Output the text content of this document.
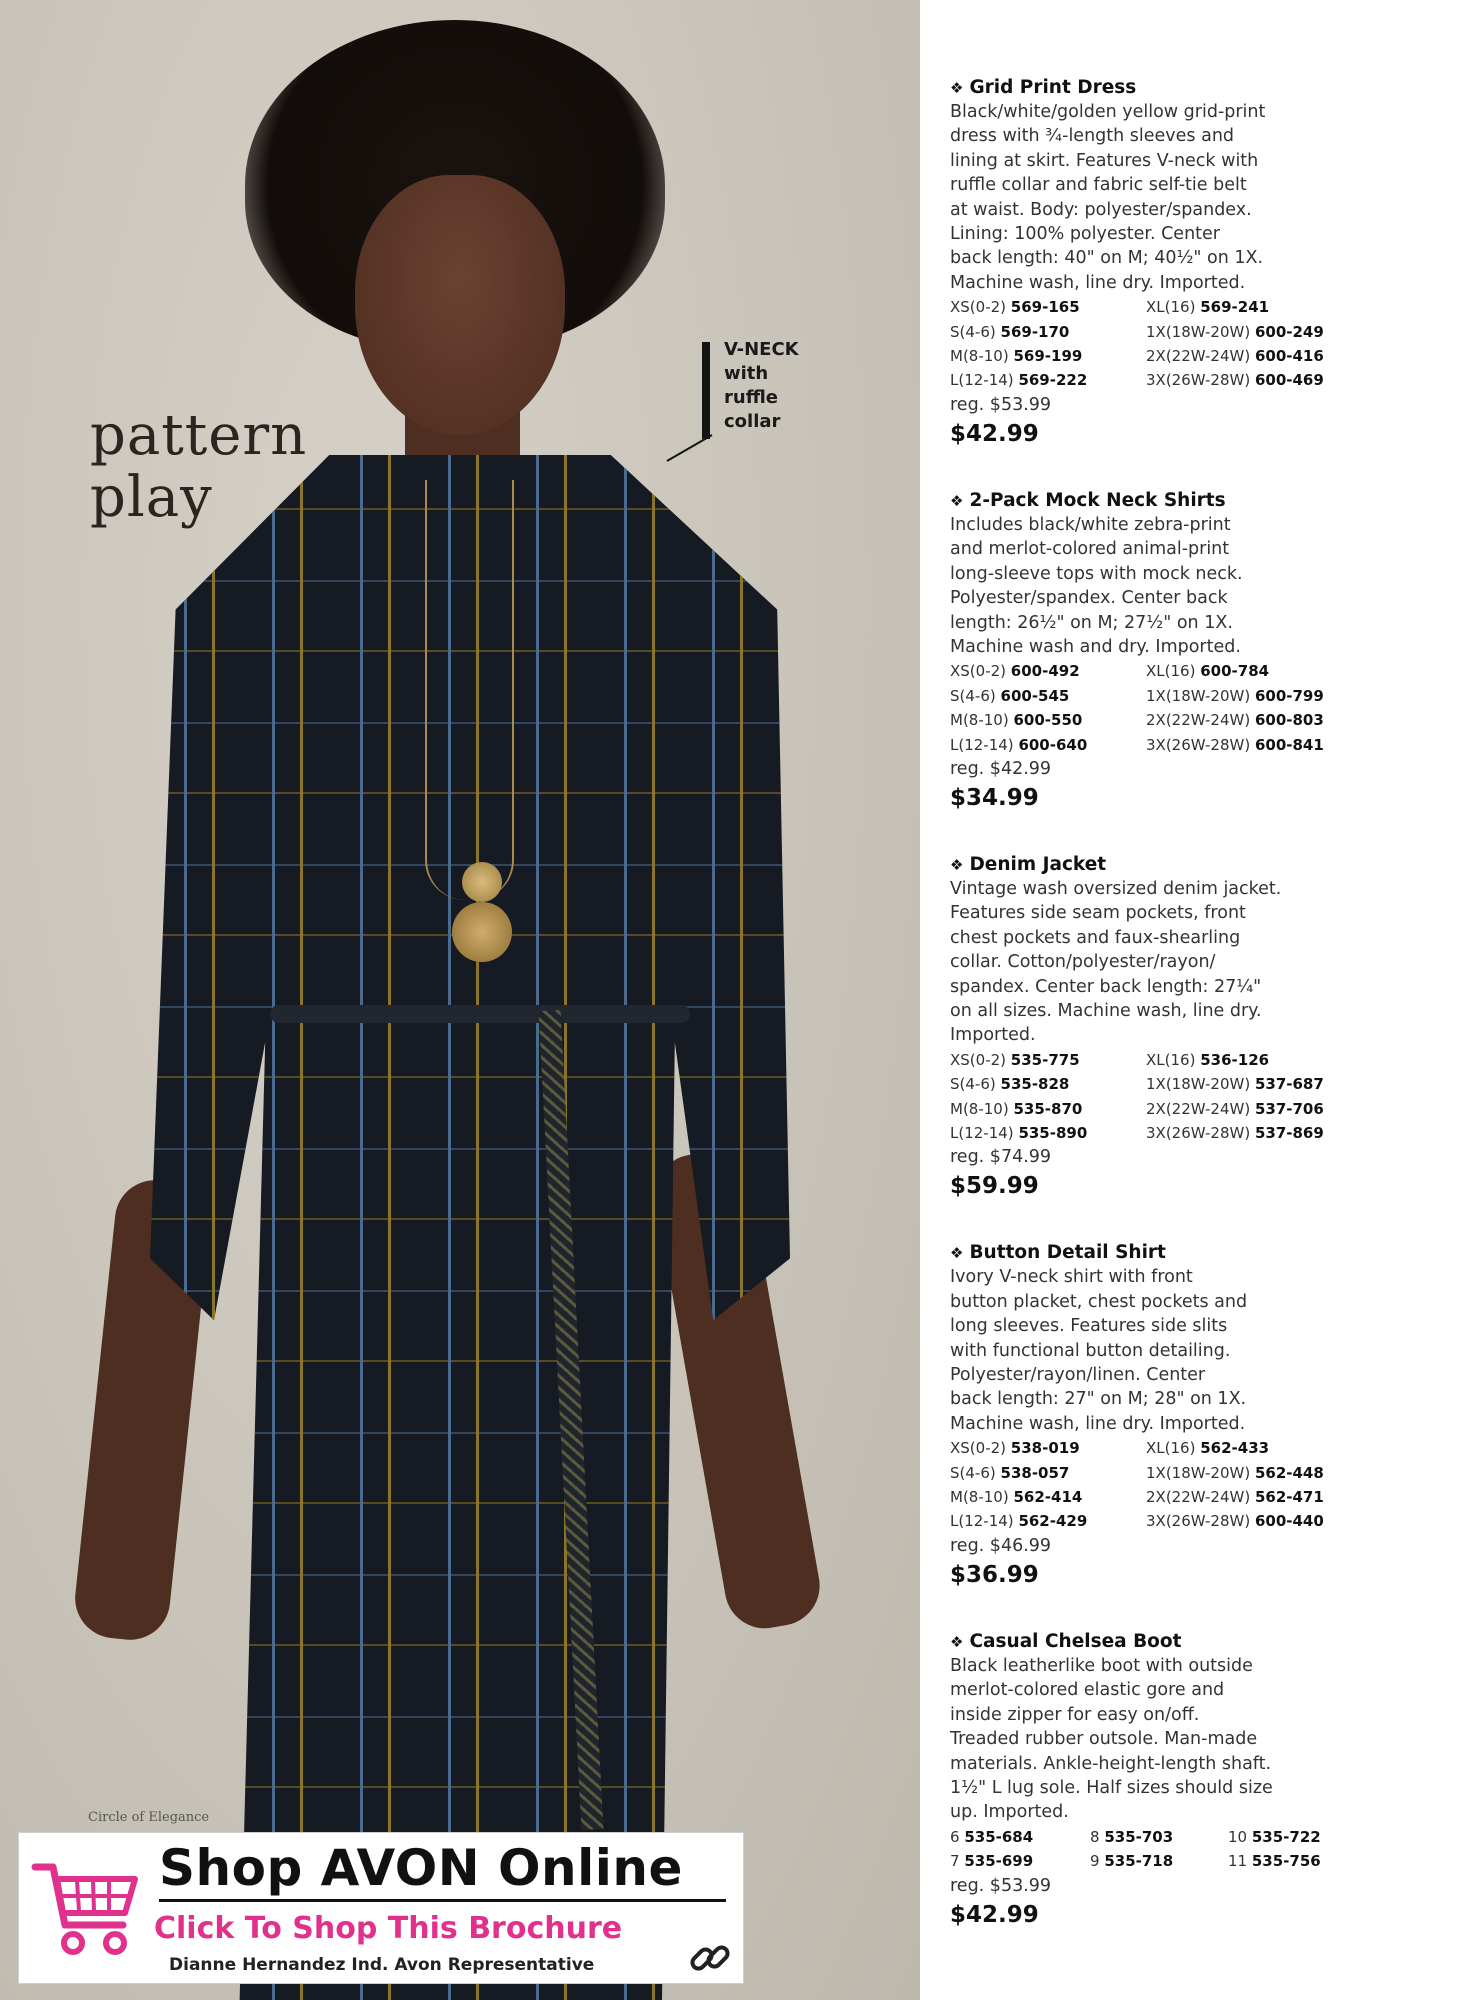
pattern
play
V-NECK
with
ruffle
collar
Circle of Elegance
Shop AVON Online
Click To Shop This Brochure
Dianne Hernandez Ind. Avon Representative
❖ Grid Print Dress
Black/white/golden yellow grid-print
dress with ¾-length sleeves and
lining at skirt. Features V-neck with
ruffle collar and fabric self-tie belt
at waist. Body: polyester/spandex.
Lining: 100% polyester. Center
back length: 40" on M; 40½" on 1X.
Machine wash, line dry. Imported.
XS(0-2) 569-165	XL(16) 569-241
S(4-6) 569-170	1X(18W-20W) 600-249
M(8-10) 569-199	2X(22W-24W) 600-416
L(12-14) 569-222	3X(26W-28W) 600-469
reg. $53.99
$42.99
❖ 2-Pack Mock Neck Shirts
Includes black/white zebra-print
and merlot-colored animal-print
long-sleeve tops with mock neck.
Polyester/spandex. Center back
length: 26½" on M; 27½" on 1X.
Machine wash and dry. Imported.
XS(0-2) 600-492	XL(16) 600-784
S(4-6) 600-545	1X(18W-20W) 600-799
M(8-10) 600-550	2X(22W-24W) 600-803
L(12-14) 600-640	3X(26W-28W) 600-841
reg. $42.99
$34.99
❖ Denim Jacket
Vintage wash oversized denim jacket.
Features side seam pockets, front
chest pockets and faux-shearling
collar. Cotton/polyester/rayon/
spandex. Center back length: 27¼"
on all sizes. Machine wash, line dry.
Imported.
XS(0-2) 535-775	XL(16) 536-126
S(4-6) 535-828	1X(18W-20W) 537-687
M(8-10) 535-870	2X(22W-24W) 537-706
L(12-14) 535-890	3X(26W-28W) 537-869
reg. $74.99
$59.99
❖ Button Detail Shirt
Ivory V-neck shirt with front
button placket, chest pockets and
long sleeves. Features side slits
with functional button detailing.
Polyester/rayon/linen. Center
back length: 27" on M; 28" on 1X.
Machine wash, line dry. Imported.
XS(0-2) 538-019	XL(16) 562-433
S(4-6) 538-057	1X(18W-20W) 562-448
M(8-10) 562-414	2X(22W-24W) 562-471
L(12-14) 562-429	3X(26W-28W) 600-440
reg. $46.99
$36.99
❖ Casual Chelsea Boot
Black leatherlike boot with outside
merlot-colored elastic gore and
inside zipper for easy on/off.
Treaded rubber outsole. Man-made
materials. Ankle-height-length shaft.
1½" L lug sole. Half sizes should size
up. Imported.
6 535-684	8 535-703	10 535-722
7 535-699	9 535-718	11 535-756
reg. $53.99
$42.99
